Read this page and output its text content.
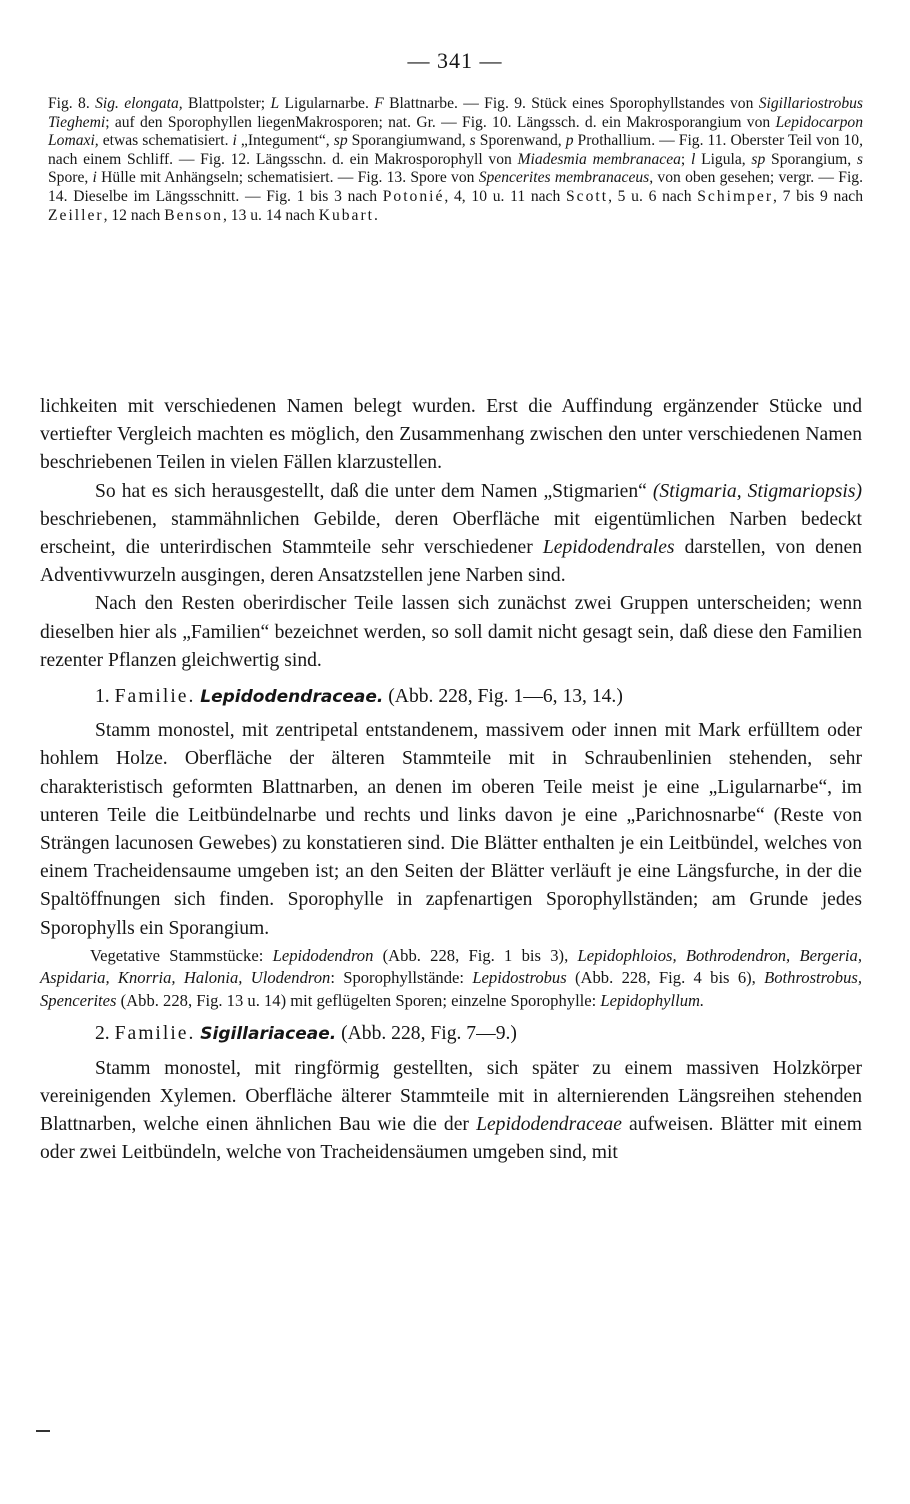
— 341 —
Fig. 8. Sig. elongata, Blattpolster; L Ligularnarbe. F Blattnarbe. — Fig. 9. Stück eines Sporophyllstandes von Sigillariostrobus Tieghemi; auf den Sporophyllen liegenMakrosporen; nat. Gr. — Fig. 10. Längssch. d. ein Makrosporangium von Lepidocarpon Lomaxi, etwas schematisiert. i „Integument“, sp Sporangiumwand, s Sporenwand, p Prothallium. — Fig. 11. Oberster Teil von 10, nach einem Schliff. — Fig. 12. Längsschn. d. ein Makrosporophyll von Miadesmia membranacea; l Ligula, sp Sporangium, s Spore, i Hülle mit Anhängseln; schematisiert. — Fig. 13. Spore von Spencerites membranaceus, von oben gesehen; vergr. — Fig. 14. Dieselbe im Längsschnitt. — Fig. 1 bis 3 nach Potonié, 4, 10 u. 11 nach Scott, 5 u. 6 nach Schimper, 7 bis 9 nach Zeiller, 12 nach Benson, 13 u. 14 nach Kubart.

lichkeiten mit verschiedenen Namen belegt wurden. Erst die Auffindung ergänzender Stücke und vertiefter Vergleich machten es möglich, den Zusammenhang zwischen den unter verschiedenen Namen beschriebenen Teilen in vielen Fällen klarzustellen.

So hat es sich herausgestellt, daß die unter dem Namen „Stigmarien“ (Stigmaria, Stigmariopsis) beschriebenen, stammähnlichen Gebilde, deren Oberfläche mit eigentümlichen Narben bedeckt erscheint, die unterirdischen Stammteile sehr verschiedener Lepidodendrales darstellen, von denen Adventivwurzeln ausgingen, deren Ansatzstellen jene Narben sind.

Nach den Resten oberirdischer Teile lassen sich zunächst zwei Gruppen unterscheiden; wenn dieselben hier als „Familien“ bezeichnet werden, so soll damit nicht gesagt sein, daß diese den Familien rezenter Pflanzen gleichwertig sind.

1. Familie. Lepidodendraceae. (Abb. 228, Fig. 1—6, 13, 14.)

Stamm monostel, mit zentripetal entstandenem, massivem oder innen mit Mark erfülltem oder hohlem Holze. Oberfläche der älteren Stammteile mit in Schraubenlinien stehenden, sehr charakteristisch geformten Blattnarben, an denen im oberen Teile meist je eine „Ligularnarbe“, im unteren Teile die Leitbündelnarbe und rechts und links davon je eine „Parichnosnarbe“ (Reste von Strängen lacunosen Gewebes) zu konstatieren sind. Die Blätter enthalten je ein Leitbündel, welches von einem Tracheidensaume umgeben ist; an den Seiten der Blätter verläuft je eine Längsfurche, in der die Spaltöffnungen sich finden. Sporophylle in zapfenartigen Sporophyllständen; am Grunde jedes Sporophylls ein Sporangium.

Vegetative Stammstücke: Lepidodendron (Abb. 228, Fig. 1 bis 3), Lepidophloios, Bothrodendron, Bergeria, Aspidaria, Knorria, Halonia, Ulodendron: Sporophyllstände: Lepidostrobus (Abb. 228, Fig. 4 bis 6), Bothrostrobus, Spencerites (Abb. 228, Fig. 13 u. 14) mit geflügelten Sporen; einzelne Sporophylle: Lepidophyllum.

2. Familie. Sigillariaceae. (Abb. 228, Fig. 7—9.)

Stamm monostel, mit ringförmig gestellten, sich später zu einem massiven Holzkörper vereinigenden Xylemen. Oberfläche älterer Stammteile mit in alternierenden Längsreihen stehenden Blattnarben, welche einen ähnlichen Bau wie die der Lepidodendraceae aufweisen. Blätter mit einem oder zwei Leitbündeln, welche von Tracheidensäumen umgeben sind, mit
